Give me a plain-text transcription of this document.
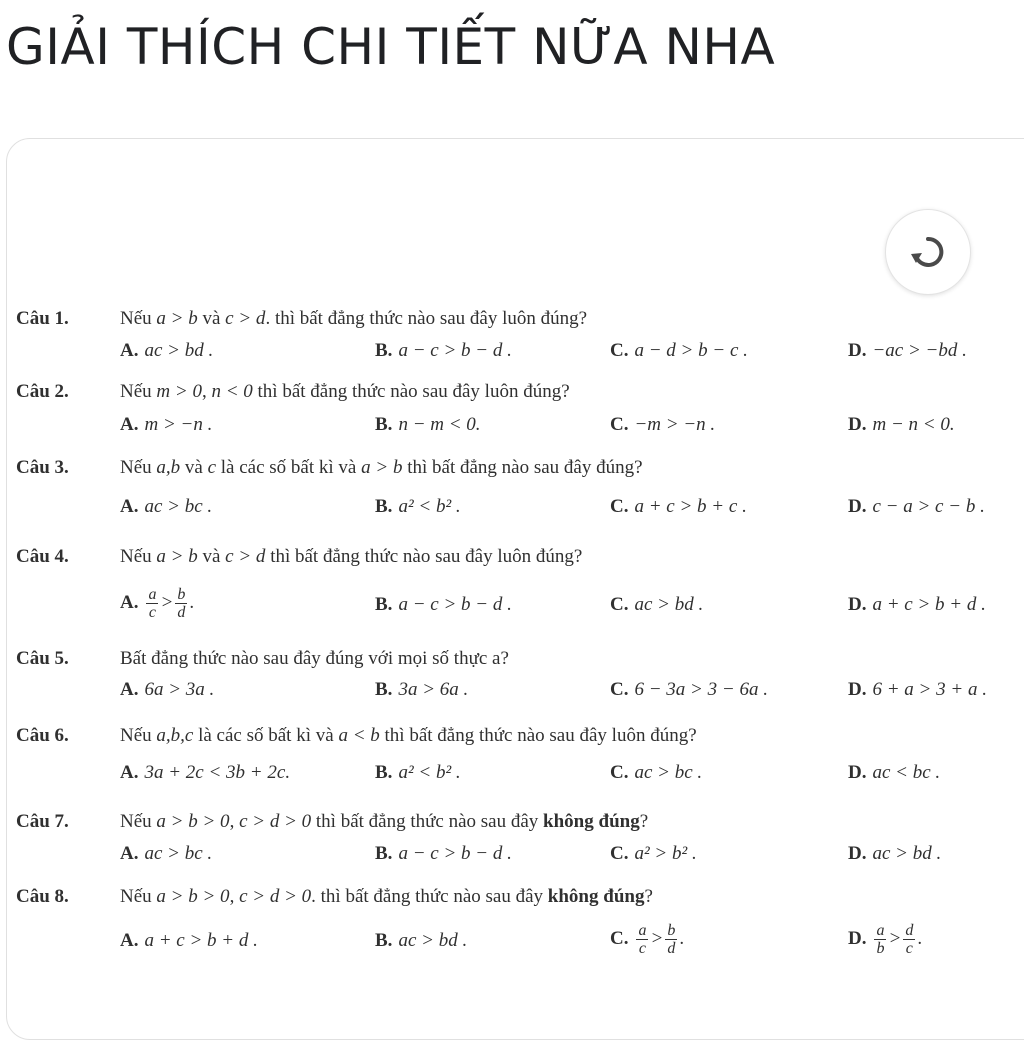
GIẢI THÍCH CHI TIẾT NỮA NHA
Câu 1.	Nếu a > b và c > d. thì bất đẳng thức nào sau đây luôn đúng?
A. ac > bd .	B. a − c > b − d .	C. a − d > b − c .	D. −ac > −bd .
Câu 2.	Nếu m > 0, n < 0 thì bất đẳng thức nào sau đây luôn đúng?
A. m > −n .	B. n − m < 0.	C. −m > −n .	D. m − n < 0.
Câu 3.	Nếu a,b và c là các số bất kì và a > b thì bất đẳng nào sau đây đúng?
A. ac > bc .	B. a² < b² .	C. a + c > b + c .	D. c − a > c − b .
Câu 4.	Nếu a > b và c > d thì bất đẳng thức nào sau đây luôn đúng?
A. $\frac{a}{c} > \frac{b}{d}$ .	B. a − c > b − d .	C. ac > bd .	D. a + c > b + d .
Câu 5.	Bất đẳng thức nào sau đây đúng với mọi số thực a?
A. 6a > 3a .	B. 3a > 6a .	C. 6 − 3a > 3 − 6a .	D. 6 + a > 3 + a .
Câu 6.	Nếu a,b,c là các số bất kì và a < b thì bất đẳng thức nào sau đây luôn đúng?
A. 3a + 2c < 3b + 2c.	B. a² < b² .	C. ac > bc .	D. ac < bc .
Câu 7.	Nếu a > b > 0, c > d > 0 thì bất đẳng thức nào sau đây không đúng?
A. ac > bc .	B. a − c > b − d .	C. a² > b² .	D. ac > bd .
Câu 8.	Nếu a > b > 0, c > d > 0. thì bất đẳng thức nào sau đây không đúng?
A. a + c > b + d .	B. ac > bd .	C. $\frac{a}{c} > \frac{b}{d}$ .	D. $\frac{a}{b} > \frac{d}{c}$ .
